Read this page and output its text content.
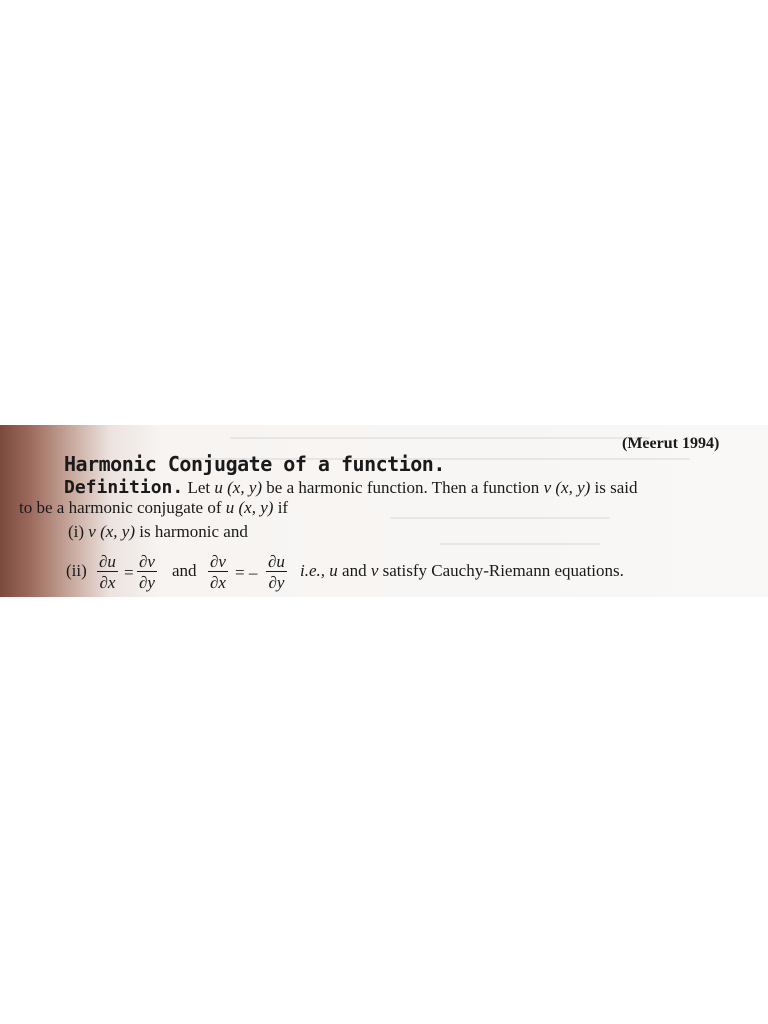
(Meerut 1994)
Harmonic Conjugate of a function.
Definition. Let u (x, y) be a harmonic function. Then a function v (x, y) is said
to be a harmonic conjugate of u (x, y) if
(i) v (x, y) is harmonic and
$(ii) \frac{\partial u}{\partial x} = \frac{\partial v}{\partial y}$ and $\frac{\partial v}{\partial x}$ = – $\frac{\partial u}{\partial y} i.e$., u and v satisfy Cauchy-Riemann equations.
